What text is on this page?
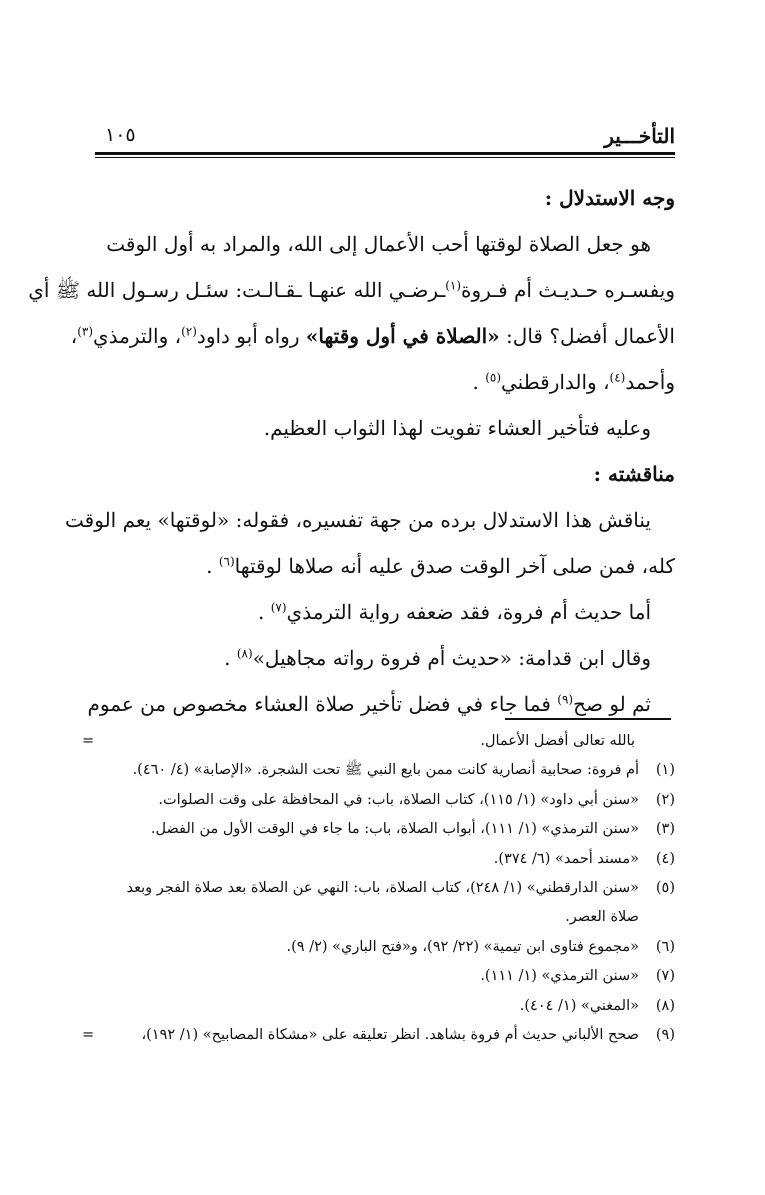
التأخـــير
١٠٥
وجه الاستدلال :
هو جعل الصلاة لوقتها أحب الأعمال إلى الله، والمراد به أول الوقت
ويفسـره حـديـث أم فـروة$^{(١)}$ـرضـي الله عنهـا ـقـالـت: سئـل رسـول الله ﷺ أي
الأعمال أفضل؟ قال: «الصلاة في أول وقتها» رواه أبو داود$^{(٢)}$، والترمذي$^{(٣)}$،
وأحمد$^{(٤)}$، والدارقطني$^{(٥)}$ .
وعليه فتأخير العشاء تفويت لهذا الثواب العظيم.
مناقشته :
يناقش هذا الاستدلال برده من جهة تفسيره، فقوله: «لوقتها» يعم الوقت
كله، فمن صلى آخر الوقت صدق عليه أنه صلاها لوقتها$^{(٦)}$ .
أما حديث أم فروة، فقد ضعفه رواية الترمذي$^{(٧)}$ .
وقال ابن قدامة: «حديث أم فروة رواته مجاهيل»$^{(٨)}$ .
ثم لو صح$^{(٩)}$ فما جاء في فضل تأخير صلاة العشاء مخصوص من عموم
بالله تعالى أفضل الأعمال.
=
(١)أم فروة: صحابية أنصارية كانت ممن بايع النبي ﷺ تحت الشجرة. «الإصابة» (٤/ ٤٦٠).
(٢)«سنن أبي داود» (١/ ١١٥)، كتاب الصلاة، باب: في المحافظة على وقت الصلوات.
(٣)«سنن الترمذي» (١/ ١١١)، أبواب الصلاة، باب: ما جاء في الوقت الأول من الفضل.
(٤)«مسند أحمد» (٦/ ٣٧٤).
(٥)«سنن الدارقطني» (١/ ٢٤٨)، كتاب الصلاة، باب: النهي عن الصلاة بعد صلاة الفجر وبعد
صلاة العصر.
(٦)«مجموع فتاوى ابن تيمية» (٢٢/ ٩٢)، و«فتح الباري» (٢/ ٩).
(٧)«سنن الترمذي» (١/ ١١١).
(٨)«المغني» (١/ ٤٠٤).
(٩)صحح الألباني حديث أم فروة بشاهد. انظر تعليقه على «مشكاة المصابيح» (١/ ١٩٢)،
=
